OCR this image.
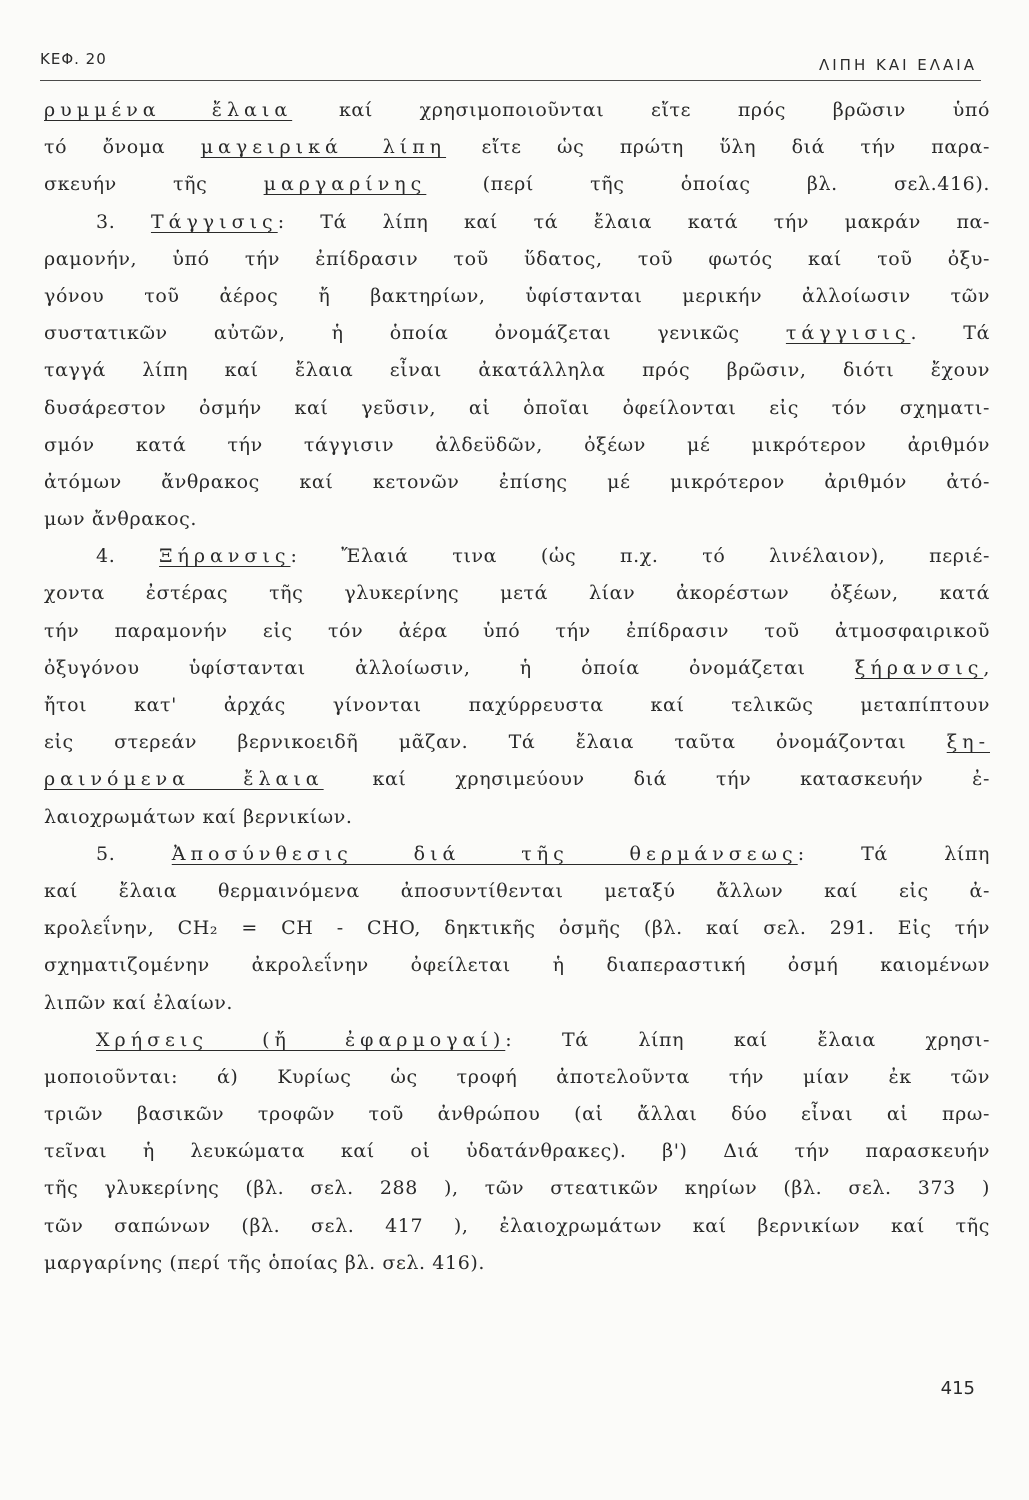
ΚΕΦ. 20	ΛΙΠΗ ΚΑΙ ΕΛΑΙΑ
ρυμμένα ἔλαια καί χρησιμοποιοῦνται εἴτε πρός βρῶσιν ὑπό
τό ὄνομα μαγειρικά λίπη εἴτε ὡς πρώτη ὕλη διά τήν παρα-
σκευήν τῆς μαργαρίνης (περί τῆς ὁποίας βλ. σελ.416).
3. Τάγγισις: Τά λίπη καί τά ἔλαια κατά τήν μακράν πα-
ραμονήν, ὑπό τήν ἐπίδρασιν τοῦ ὕδατος, τοῦ φωτός καί τοῦ ὀξυ-
γόνου τοῦ ἀέρος ἤ βακτηρίων, ὑφίστανται μερικήν ἀλλοίωσιν τῶν
συστατικῶν αὐτῶν, ἡ ὁποία ὀνομάζεται γενικῶς τάγγισις. Τά
ταγγά λίπη καί ἔλαια εἶναι ἀκατάλληλα πρός βρῶσιν, διότι ἔχουν
δυσάρεστον ὀσμήν καί γεῦσιν, αἱ ὁποῖαι ὀφείλονται εἰς τόν σχηματι-
σμόν κατά τήν τάγγισιν ἀλδεϋδῶν, ὀξέων μέ μικρότερον ἀριθμόν
ἀτόμων ἄνθρακος καί κετονῶν ἐπίσης μέ μικρότερον ἀριθμόν ἀτό-
μων ἄνθρακος.
4. Ξήρανσις: Ἔλαιά τινα (ὡς π.χ. τό λινέλαιον), περιέ-
χοντα ἐστέρας τῆς γλυκερίνης μετά λίαν ἀκορέστων ὀξέων, κατά
τήν παραμονήν εἰς τόν ἀέρα ὑπό τήν ἐπίδρασιν τοῦ ἀτμοσφαιρικοῦ
ὀξυγόνου ὑφίστανται ἀλλοίωσιν, ἡ ὁποία ὀνομάζεται ξήρανσις,
ἤτοι κατ' ἀρχάς γίνονται παχύρρευστα καί τελικῶς μεταπίπτουν
εἰς στερεάν βερνικοειδῆ μᾶζαν. Τά ἔλαια ταῦτα ὀνομάζονται ξη-
ραινόμενα ἔλαια καί χρησιμεύουν διά τήν κατασκευήν ἐ-
λαιοχρωμάτων καί βερνικίων.
5. Ἀποσύνθεσις διά τῆς θερμάνσεως: Τά λίπη
καί ἔλαια θερμαινόμενα ἀποσυντίθενται μεταξύ ἄλλων καί εἰς ἀ-
κρολεΐνην, CH₂ = CH - CHO, δηκτικῆς ὀσμῆς (βλ. καί σελ. 291. Εἰς τήν
σχηματιζομένην ἀκρολεΐνην ὀφείλεται ἡ διαπεραστική ὀσμή καιομένων
λιπῶν καί ἐλαίων.
Χρήσεις (ἤ ἐφαρμογαί): Τά λίπη καί ἔλαια χρησι-
μοποιοῦνται: ά) Κυρίως ὡς τροφή ἀποτελοῦντα τήν μίαν ἐκ τῶν
τριῶν βασικῶν τροφῶν τοῦ ἀνθρώπου (αἱ ἄλλαι δύο εἶναι αἱ πρω-
τεῖναι ἡ λευκώματα καί οἱ ὑδατάνθρακες). β') Διά τήν παρασκευήν
τῆς γλυκερίνης (βλ. σελ. 288 ), τῶν στεατικῶν κηρίων (βλ. σελ. 373 )
τῶν σαπώνων (βλ. σελ. 417 ), ἐλαιοχρωμάτων καί βερνικίων καί τῆς
μαργαρίνης (περί τῆς ὁποίας βλ. σελ. 416).
415
